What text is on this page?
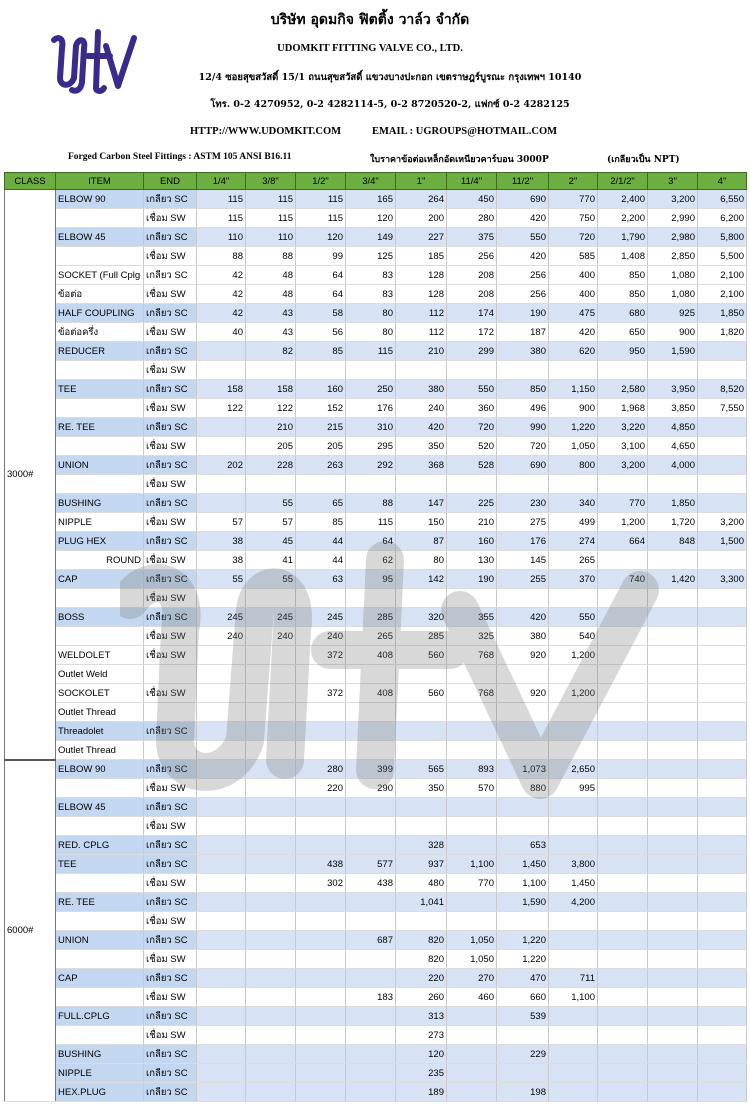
บริษัท อุดมกิจ ฟิตติ้ง วาล์ว จำกัด
UDOMKIT FITTING VALVE CO., LTD.
12/4 ซอยสุขสวัสดิ์ 15/1 ถนนสุขสวัสดิ์ แขวงบางปะกอก เขตราษฎร์บูรณะ กรุงเทพฯ 10140
โทร. 0-2 4270952, 0-2 4282114-5, 0-2 8720520-2, แฟกซ์ 0-2 4282125
HTTP://WWW.UDOMKIT.COM	EMAIL : UGROUPS@HOTMAIL.COM
Forged Carbon Steel Fittings : ASTM 105 ANSI B16.11	ใบราคาข้อต่อเหล็กอัดเหนียวคาร์บอน 3000P	(เกลียวเป็น NPT)
CLASS	ITEM	END	1/4"	3/8"	1/2"	3/4"	1"	11/4"	11/2"	2"	2/1/2"	3"	4"
3000#	ELBOW 90	เกลียว SC	115	115	115	165	264	450	690	770	2,400	3,200	6,550
		เชื่อม SW	115	115	115	120	200	280	420	750	2,200	2,990	6,200
	ELBOW 45	เกลียว SC	110	110	120	149	227	375	550	720	1,790	2,980	5,800
		เชื่อม SW	88	88	99	125	185	256	420	585	1,408	2,850	5,500
	SOCKET (Full Cplg	เกลียว SC	42	48	64	83	128	208	256	400	850	1,080	2,100
	ข้อต่อ	เชื่อม SW	42	48	64	83	128	208	256	400	850	1,080	2,100
	HALF COUPLING	เกลียว SC	42	43	58	80	112	174	190	475	680	925	1,850
	ข้อต่อครึ่ง	เชื่อม SW	40	43	56	80	112	172	187	420	650	900	1,820
	REDUCER	เกลียว SC		82	85	115	210	299	380	620	950	1,590	
		เชื่อม SW											
	TEE	เกลียว SC	158	158	160	250	380	550	850	1,150	2,580	3,950	8,520
		เชื่อม SW	122	122	152	176	240	360	496	900	1,968	3,850	7,550
	RE. TEE	เกลียว SC		210	215	310	420	720	990	1,220	3,220	4,850	
		เชื่อม SW		205	205	295	350	520	720	1,050	3,100	4,650	
	UNION	เกลียว SC	202	228	263	292	368	528	690	800	3,200	4,000	
		เชื่อม SW											
	BUSHING	เกลียว SC		55	65	88	147	225	230	340	770	1,850	
	NIPPLE	เชื่อม SW	57	57	85	115	150	210	275	499	1,200	1,720	3,200
	PLUG HEX	เกลียว SC	38	45	44	64	87	160	176	274	664	848	1,500
	ROUND	เชื่อม SW	38	41	44	62	80	130	145	265			
	CAP	เกลียว SC	55	55	63	95	142	190	255	370	740	1,420	3,300
		เชื่อม SW											
	BOSS	เกลียว SC	245	245	245	285	320	355	420	550			
		เชื่อม SW	240	240	240	265	285	325	380	540			
	WELDOLET	เชื่อม SW			372	408	560	768	920	1,200			
	Outlet Weld												
	SOCKOLET	เชื่อม SW			372	408	560	768	920	1,200			
	Outlet Thread												
	Threadolet	เกลียว SC											
	Outlet Thread												
6000#	ELBOW 90	เกลียว SC			280	399	565	893	1,073	2,650			
		เชื่อม SW			220	290	350	570	880	995			
	ELBOW 45	เกลียว SC											
		เชื่อม SW											
	RED. CPLG	เกลียว SC					328		653				
	TEE	เกลียว SC			438	577	937	1,100	1,450	3,800			
		เชื่อม SW			302	438	480	770	1,100	1,450			
	RE. TEE	เกลียว SC					1,041		1,590	4,200			
		เชื่อม SW											
	UNION	เกลียว SC				687	820	1,050	1,220				
		เชื่อม SW					820	1,050	1,220				
	CAP	เกลียว SC					220	270	470	711			
		เชื่อม SW				183	260	460	660	1,100			
	FULL.CPLG	เกลียว SC					313		539				
		เชื่อม SW					273						
	BUSHING	เกลียว SC					120		229				
	NIPPLE	เกลียว SC					235						
	HEX.PLUG	เกลียว SC					189		198				
